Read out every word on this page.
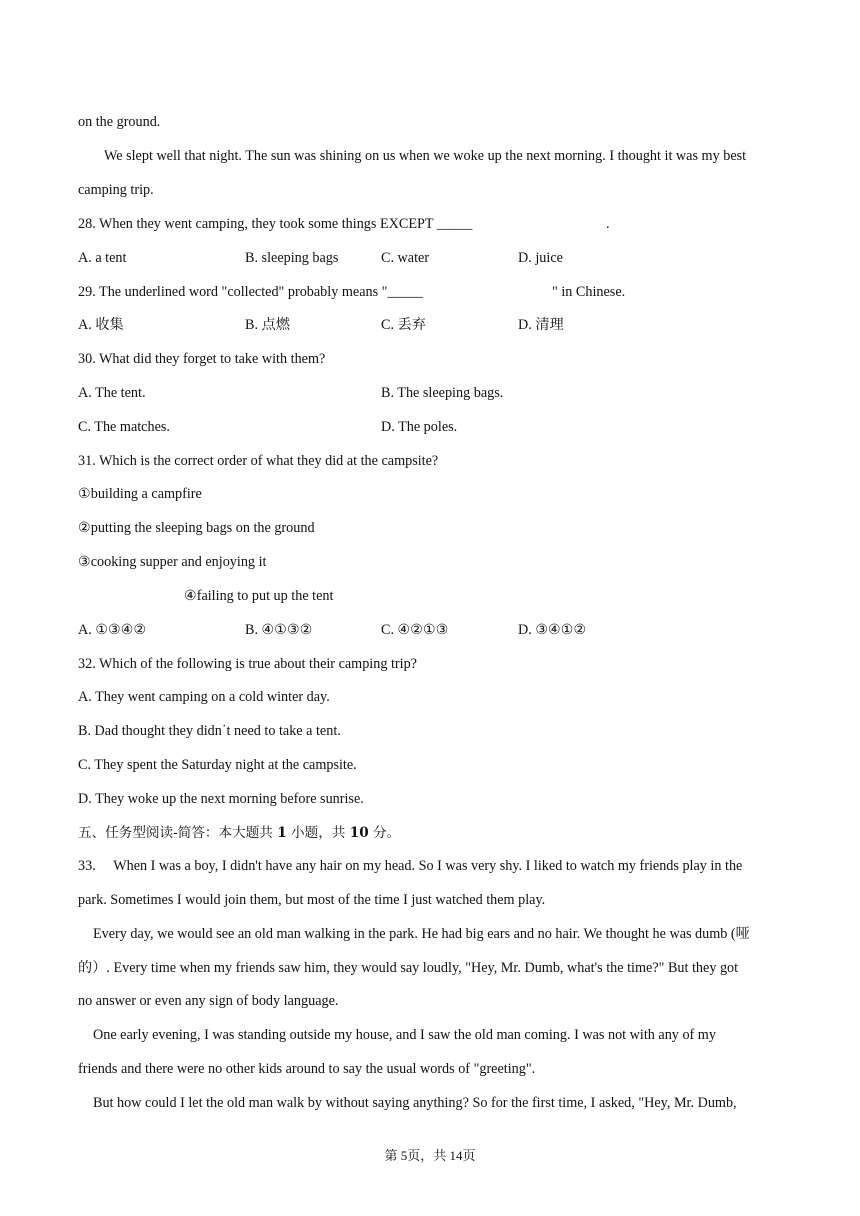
on the ground.
We slept well that night. The sun was shining on us when we woke up the next morning. I thought it was my best
camping trip.
28. When they went camping, they took some things EXCEPT _____	.
A. a tent	B. sleeping bags	C. water	D. juice
29. The underlined word "collected" probably means "_____	" in Chinese.
A. 收集	B. 点燃	C. 丢弃	D. 清理
30. What did they forget to take with them?
A. The tent.	B. The sleeping bags.
C. The matches.	D. The poles.
31. Which is the correct order of what they did at the campsite?
①building a campfire
②putting the sleeping bags on the ground
③cooking supper and enjoying it
④failing to put up the tent
A. ①③④②	B. ④①③②	C. ④②①③	D. ③④①②
32. Which of the following is true about their camping trip?
A. They went camping on a cold winter day.
B. Dad thought they didn˙t need to take a tent.
C. They spent the Saturday night at the campsite.
D. They woke up the next morning before sunrise.
五、任务型阅读-简答：本大题共 1 小题，共 10 分。
33.     When I was a boy, I didn't have any hair on my head. So I was very shy. I liked to watch my friends play in the
park. Sometimes I would join them, but most of the time I just watched them play.
Every day, we would see an old man walking in the park. He had big ears and no hair. We thought he was dumb (哑
的）. Every time when my friends saw him, they would say loudly, "Hey, Mr. Dumb, what's the time?" But they got
no answer or even any sign of body language.
One early evening, I was standing outside my house, and I saw the old man coming. I was not with any of my
friends and there were no other kids around to say the usual words of "greeting".
But how could I let the old man walk by without saying anything? So for the first time, I asked, "Hey, Mr. Dumb,
第 5页，共 14页
